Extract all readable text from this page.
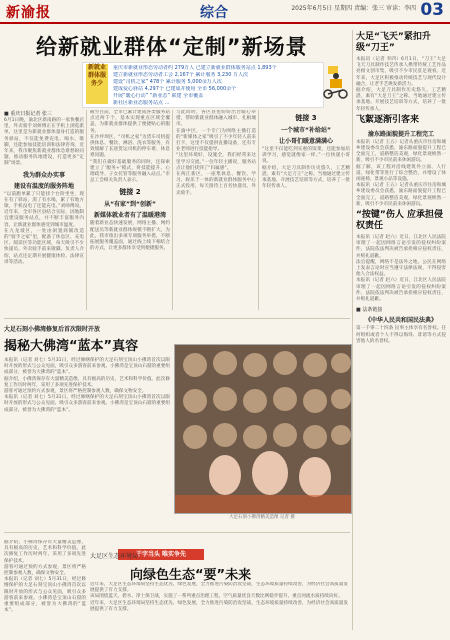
新渝报	综合	2025年6月5日 星期四 责编：张三 审读：李四 03
给新就业群体“定制”新场景
重庆市新就业形态劳动者约 279万人 已建立新就业群体服务站点 1,893个
建立新就业形态劳动者工会 2,167个 累计服务 3,230 万人次
建设“司机之家” 478个 累计服务 5,000余万人次
建成爱心驿站 4,297个 已建成并使用 全市 56,000余个
开展“暖心行动” “新业态” 联建 全市覆盖
新社区新业态服务站点 …
新就业群体服务少
■ 重庆日报记者 张三
6月1日晚，渝北区新南路的一家快餐店里，外卖骑手刘师傅正在手机上浏览派单，这里是为新就业群体量身打造的服务驿站，不仅能免费充电、喝水、歇脚，还能参加技能培训和法律咨询。近年来，我市聚焦新就业群体急难愁盼问题，推动服务阵地建设，打造更多“定制”场景。
我为群众办实事
建设有温度的服务阵地
“以前跑单累了只能找个台阶坐坐，现在有了驿站，渴了有水喝，累了有地方歇，手机没电了还能充电。”刘师傅说。近年来，全市各区县结合实际，因地制宜建设服务站点，并不断丰富服务内容，让新就业群体感受到城市温度。
在九龙坡区，一处由闲置商铺改造的“骑手之家”里，配备了休息区、充电区、阅读区等功能区域，每天吸引不少快递员、外卖骑手前来歇脚。负责人介绍，站点还定期开展健康体检、法律宣讲等活动。
截至目前，全市已累计建成各类服务站点近两千个，基本实现重点区域全覆盖，为新就业群体提供了便捷贴心的服务。
在沙坪坝区，“司机之家”为货车司机提供休息、餐饮、淋浴、洗衣等服务，有效缓解了长途货运司机的停车难、休息难问题。
“我们在做好基础服务的同时，还探索建立了‘服务+’模式，将技能提升、心理疏导、子女托管等服务融入站点。”市总工会相关负责人表示。
链接 2
从“有家”到“创新”
新媒体就业者有了温暖港湾
随着新业态快速发展，网络主播、网约配送员等新就业群体规模不断扩大。为此，我市推出多项专项服务举措，不断拓展服务覆盖面，通过线上线下相结合的方式，让更多群体享受到便捷服务。
与此同时，各区县也纷纷出台暖心举措，帮助新就业群体融入城市、扎根城市。
在渝中区，一个专门为网络主播打造的“新媒体之家”吸引了不少年轻人前来打卡，这里不仅提供直播设备，还有专业老师进行技能指导。
“这里环境好，设施全，我们经常来这里学习交流。”一位年轻主播说，服务站点让他们找到了“归属感”。
在两江新区，一座集休息、餐饮、学习、娱乐于一体的新就业群体服务中心正式投用，每天接待上百名快递员、外卖骑手。
链接 3
一个城市“补给站”
让小哥们暖意满满心
“这里不仅能吃到实惠的饭菜，还能参加培训学习，感觉就像家一样。”一位快递小哥说。
据介绍，大足刀具制作历史悠久，工艺精湛，素有“大足刀王”之称。当地通过建立传承基地、开展技艺培训等方式，培养了一批年轻传承人。
大足“飞天”紧扣升级“刀王”
本报讯（记者 李四）6月1日，“刀王”大足飞天刀具制作技艺传承人携带传统工艺作品亮相文创市集，吸引不少市民驻足观看。近年来，大足区积极推动传统技艺与现代设计融合，让老手艺焕发新活力。
据介绍，大足刀具制作历史悠久，工艺精湛，素有“大足刀王”之称。当地通过建立传承基地、开展技艺培训等方式，培养了一批年轻传承人。
飞絮逐渐引客来
渝东路面貌提升工程完工
本报讯（记者 王五）记者从重庆市住房和城乡建设委员会获悉，渝东路面貌提升工程已全面完工，道路整洁美观，绿化景观焕然一新，吸引不少市民前来休闲游玩。
据了解，该工程对沿线建筑外立面、人行道、绿化带等进行了综合整治，并增设了休闲座椅、景观小品等设施。
本报讯（记者 王五）记者从重庆市住房和城乡建设委员会获悉，渝东路面貌提升工程已全面完工，道路整洁美观，绿化景观焕然一新，吸引不少市民前来休闲游玩。
“按键”伤人 应承担侵权责任
本报讯（记者 赵六）近日，江北区人民法院审理了一起因网络言论引发的侵权纠纷案件，法院依法判决被告承担相应侵权责任，并赔礼道歉。
法官提醒，网络不是法外之地，公民在网络上发表言论时应当遵守法律法规，不得侵害他人合法权益。
本报讯（记者 赵六）近日，江北区人民法院审理了一起因网络言论引发的侵权纠纷案件，法院依法判决被告承担相应侵权责任，并赔礼道歉。
■ 法条链接
《中华人民共和国民法典》
第一千零二十四条 民事主体享有名誉权。任何组织或者个人不得以侮辱、诽谤等方式侵害他人的名誉权。
大足石刻小佛湾修复后首次限时开放
揭秘大佛湾“蓝本”真容
本报讯（记者 刘七）5月31日，经过修缮保护的大足石刻宝顶山小佛湾首次以限时开放的形式与公众见面，吸引众多游客前来参观。小佛湾是宝顶山石窟的重要组成部分，被誉为大佛湾的“蓝本”。
据介绍，小佛湾保存有大量精美造像，具有极高的历史、艺术和科学价值。此次修复工作历时两年，采用了多项先进保护技术。
游客可通过预约方式参观，景区将严格控制参观人数，确保文物安全。
本报讯（记者 刘七）5月31日，经过修缮保护的大足石刻宝顶山小佛湾首次以限时开放的形式与公众见面，吸引众多游客前来参观。小佛湾是宝顶山石窟的重要组成部分，被誉为大佛湾的“蓝本”。
大足石刻小佛湾精美造像 记者 摄
干字当头 唯实争先
大足区生态环境局：
向绿色生态“要”未来
近年来，大足区生态环境局坚持生态优先、绿色发展，全力推进污染防治攻坚战，生态环境质量持续改善，为经济社会高质量发展提供了有力支撑。
该局围绕蓝天、碧水、净土保卫战，实施了一系列重点治理工程，空气质量优良天数比例稳步提升，重点河流水质持续向好。
近年来，大足区生态环境局坚持生态优先、绿色发展，全力推进污染防治攻坚战，生态环境质量持续改善，为经济社会高质量发展提供了有力支撑。
据介绍，小佛湾保存有大量精美造像，具有极高的历史、艺术和科学价值。此次修复工作历时两年，采用了多项先进保护技术。
游客可通过预约方式参观，景区将严格控制参观人数，确保文物安全。
本报讯（记者 刘七）5月31日，经过修缮保护的大足石刻宝顶山小佛湾首次以限时开放的形式与公众见面，吸引众多游客前来参观。小佛湾是宝顶山石窟的重要组成部分，被誉为大佛湾的“蓝本”。
